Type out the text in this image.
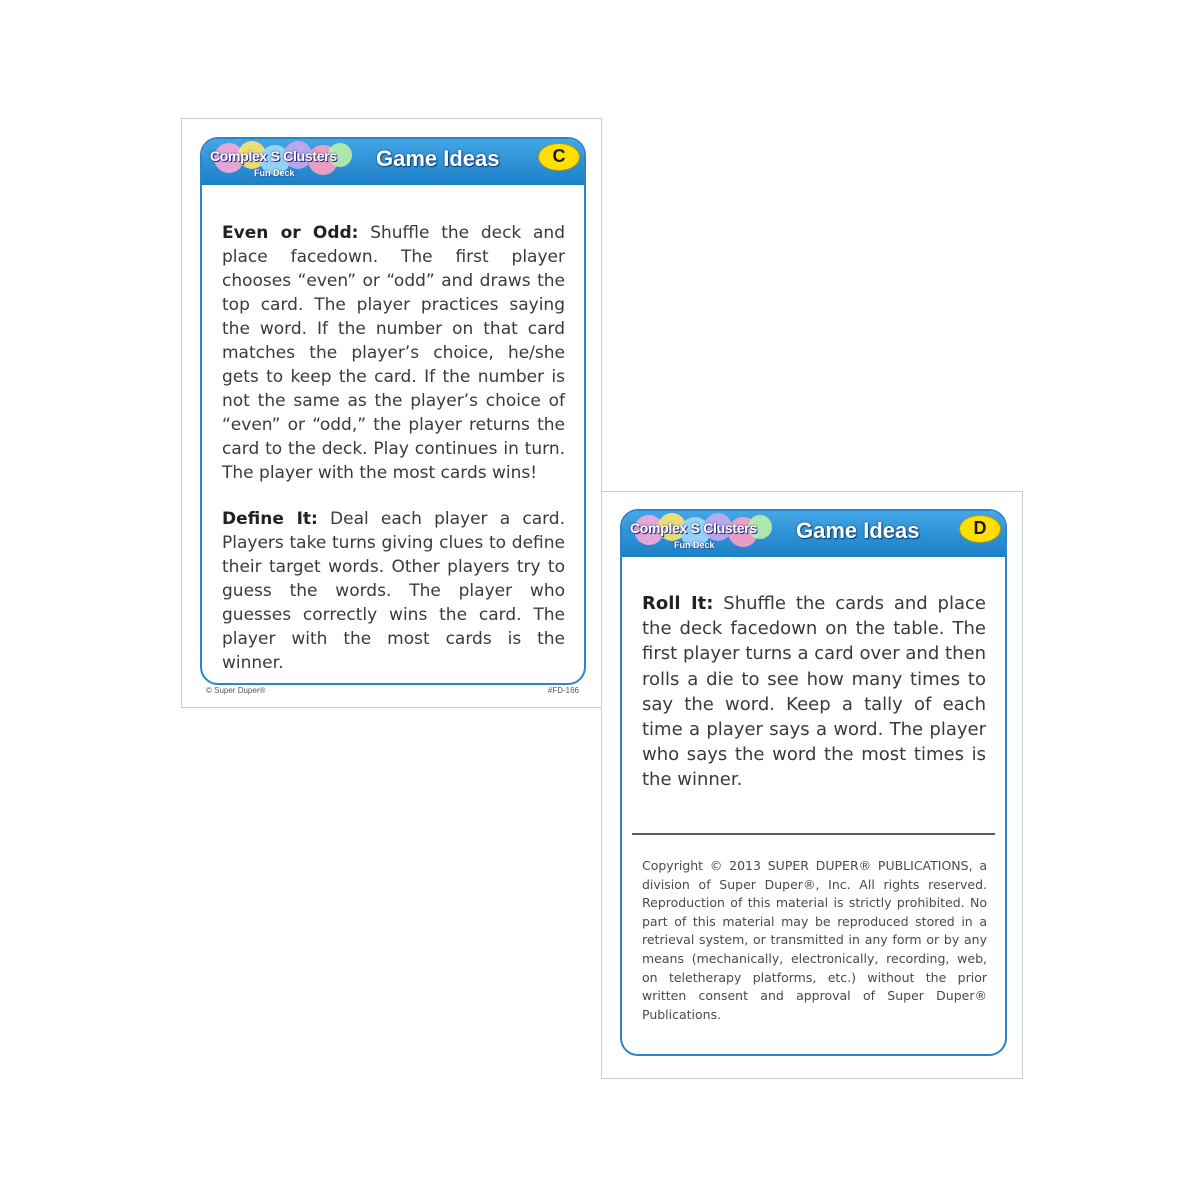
Complex S Clusters
Fun Deck
Game Ideas	C

Even or Odd: Shuffle the deck and place facedown. The first player chooses “even” or “odd” and draws the top card. The player practices saying the word. If the number on that card matches the player’s choice, he/she gets to keep the card. If the number is not the same as the player’s choice of “even” or “odd,” the player returns the card to the deck. Play continues in turn. The player with the most cards wins!

Define It: Deal each player a card. Players take turns giving clues to define their target words. Other players try to guess the words. The player who guesses correctly wins the card. The player with the most cards is the winner.

© Super Duper®	#FD-166
Complex S Clusters
Fun Deck
Game Ideas	D

Roll It: Shuffle the cards and place the deck facedown on the table. The first player turns a card over and then rolls a die to see how many times to say the word. Keep a tally of each time a player says a word. The player who says the word the most times is the winner.

Copyright © 2013 SUPER DUPER® PUBLICATIONS, a division of Super Duper®, Inc. All rights reserved. Reproduction of this material is strictly prohibited. No part of this material may be reproduced stored in a retrieval system, or transmitted in any form or by any means (mechanically, electronically, recording, web, on teletherapy platforms, etc.) without the prior written consent and approval of Super Duper® Publications.
